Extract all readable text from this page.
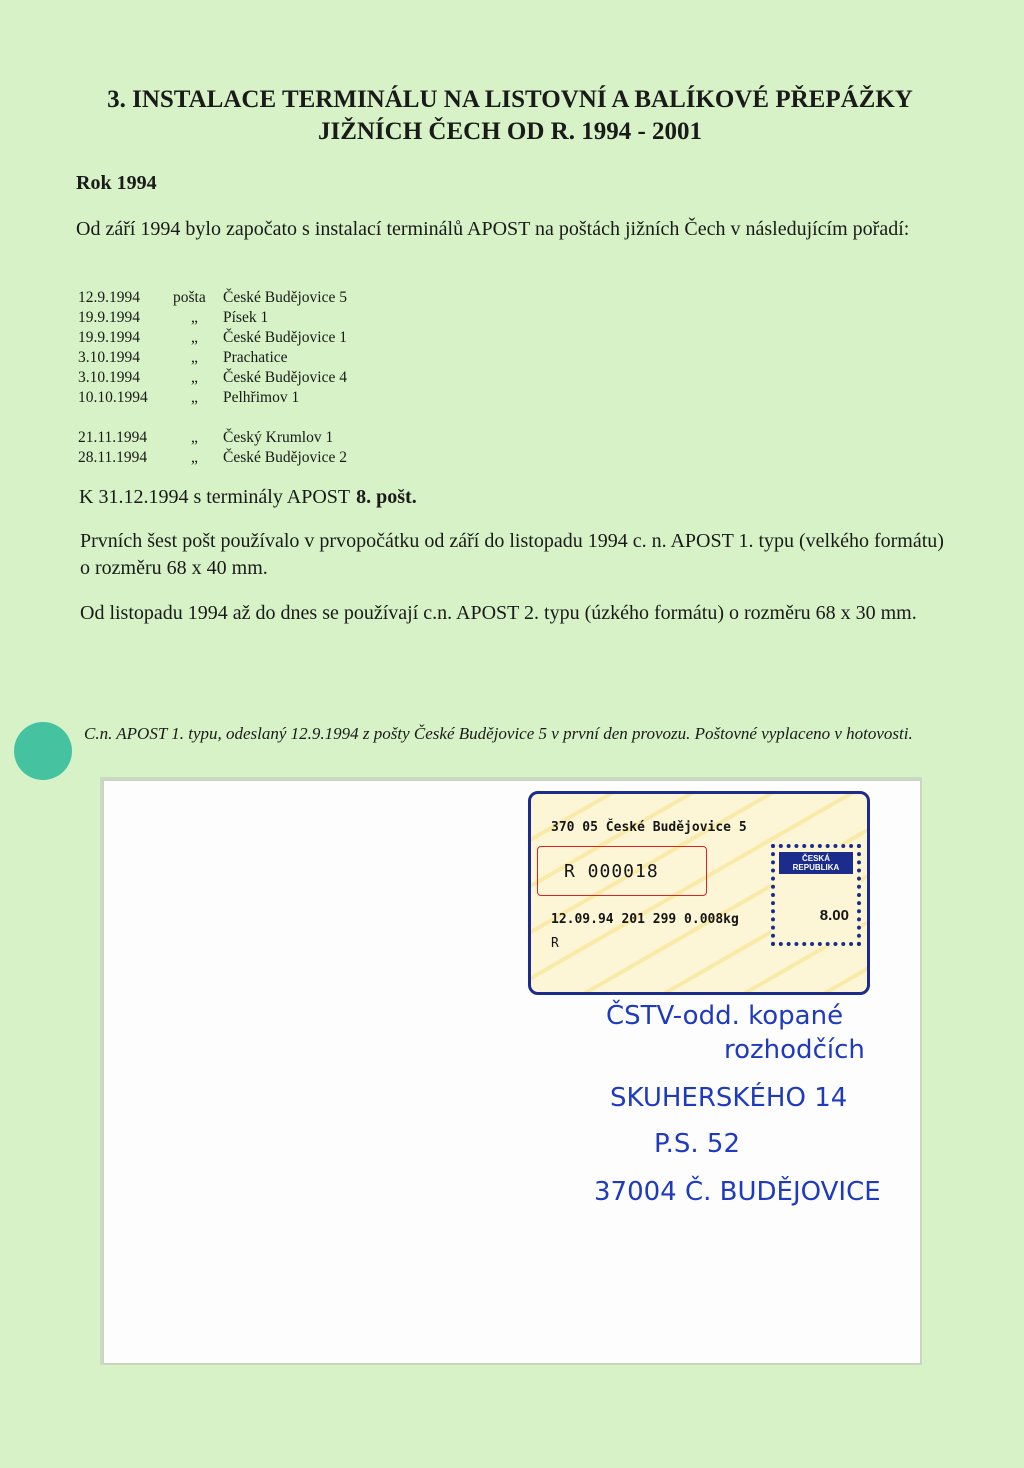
3. INSTALACE TERMINÁLU NA LISTOVNÍ A BALÍKOVÉ PŘEPÁŽKY
JIŽNÍCH ČECH OD R. 1994 - 2001
Rok 1994
Od září 1994 bylo započato s instalací terminálů APOST na poštách jižních Čech v následujícím pořadí:
12.9.1994	pošta	České Budějovice 5
19.9.1994	„	Písek 1
19.9.1994	„	České Budějovice 1
3.10.1994	„	Prachatice
3.10.1994	„	České Budějovice 4
10.10.1994	„	Pelhřimov 1
21.11.1994	„	Český Krumlov 1
28.11.1994	„	České Budějovice 2
K 31.12.1994 s terminály APOST 8. pošt.
Prvních šest pošt používalo v prvopočátku od září do listopadu 1994 c. n. APOST 1. typu (velkého formátu) o rozměru 68 x 40 mm.
Od listopadu 1994 až do dnes se používají c.n. APOST 2. typu (úzkého formátu) o rozměru 68 x 30 mm.
C.n. APOST 1. typu, odeslaný 12.9.1994 z pošty České Budějovice 5 v první den provozu. Poštovné vyplaceno v hotovosti.
370 05 České Budějovice 5
R 000018
12.09.94 201 299 0.008kg
R
ČESKÁ REPUBLIKA
8.00
ČSTV-odd. kopané
rozhodčích
SKUHERSKÉHO 14
P.S. 52
37004 Č. BUDĚJOVICE
